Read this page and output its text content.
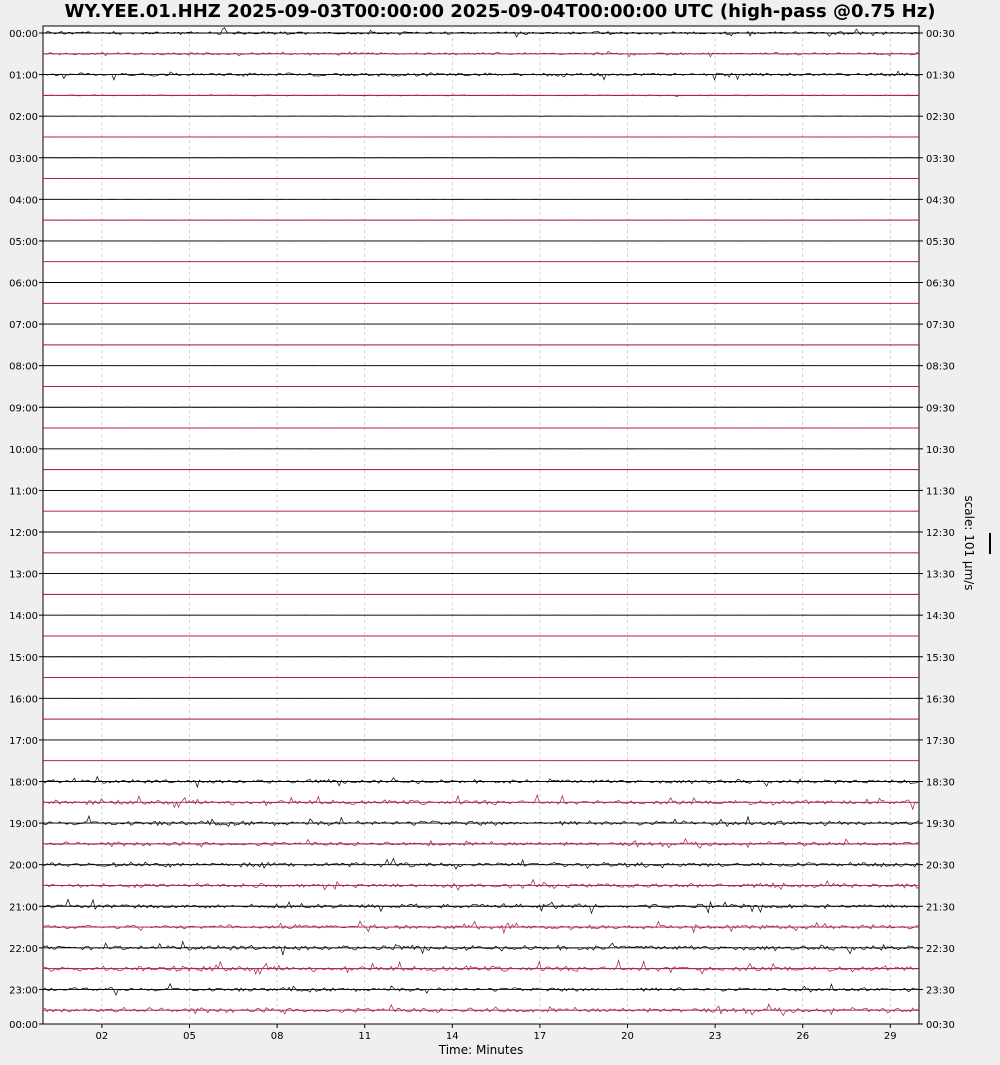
WY.YEE.01.HHZ 2025-09-03T00:00:00 2025-09-04T00:00:00 UTC (high-pass @0.75 Hz)
00:00
01:00
02:00
03:00
04:00
05:00
06:00
07:00
08:00
09:00
10:00
11:00
12:00
13:00
14:00
15:00
16:00
17:00
18:00
19:00
20:00
21:00
22:00
23:00
00:00
00:30
01:30
02:30
03:30
04:30
05:30
06:30
07:30
08:30
09:30
10:30
11:30
12:30
13:30
14:30
15:30
16:30
17:30
18:30
19:30
20:30
21:30
22:30
23:30
00:30
02	05	08	11	14	17	20	23	26	29
scale: 101 µm/s
Time: Minutes
